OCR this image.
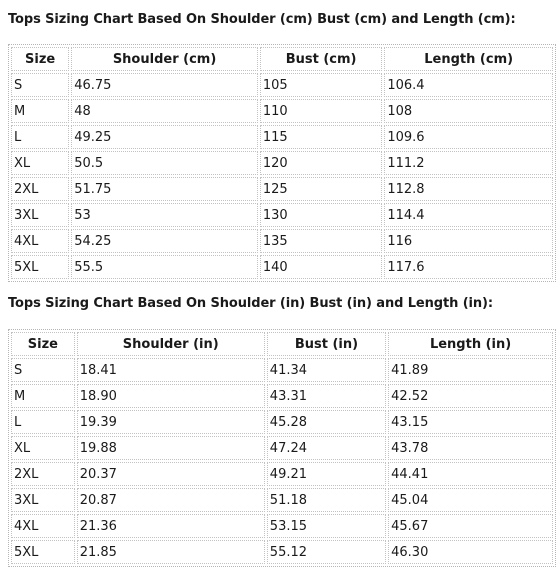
Tops Sizing Chart Based On Shoulder (cm) Bust (cm) and Length (cm):
Size	Shoulder (cm)	Bust (cm)	Length (cm)
S	46.75	105	106.4
M	48	110	108
L	49.25	115	109.6
XL	50.5	120	111.2
2XL	51.75	125	112.8
3XL	53	130	114.4
4XL	54.25	135	116
5XL	55.5	140	117.6
Tops Sizing Chart Based On Shoulder (in) Bust (in) and Length (in):
Size	Shoulder (in)	Bust (in)	Length (in)
S	18.41	41.34	41.89
M	18.90	43.31	42.52
L	19.39	45.28	43.15
XL	19.88	47.24	43.78
2XL	20.37	49.21	44.41
3XL	20.87	51.18	45.04
4XL	21.36	53.15	45.67
5XL	21.85	55.12	46.30
